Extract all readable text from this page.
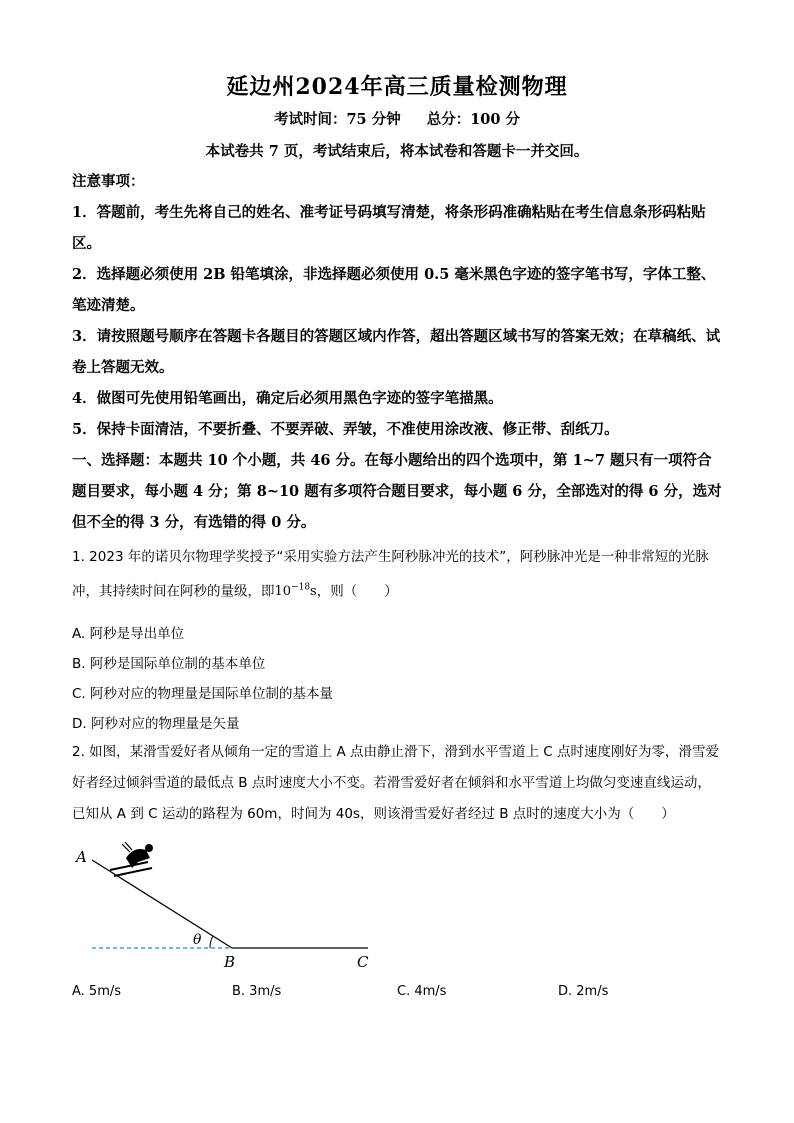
延边州2024年高三质量检测物理
考试时间：75 分钟 总分：100 分
本试卷共 7 页，考试结束后，将本试卷和答题卡一并交回。

注意事项：

1．答题前，考生先将自己的姓名、准考证号码填写清楚，将条形码准确粘贴在考生信息条形码粘贴区。

2．选择题必须使用 2B 铅笔填涂，非选择题必须使用 0.5 毫米黑色字迹的签字笔书写，字体工整、笔迹清楚。

3．请按照题号顺序在答题卡各题目的答题区域内作答，超出答题区域书写的答案无效；在草稿纸、试卷上答题无效。

4．做图可先使用铅笔画出，确定后必须用黑色字迹的签字笔描黑。

5．保持卡面清洁，不要折叠、不要弄破、弄皱，不准使用涂改液、修正带、刮纸刀。

一、选择题：本题共 10 个小题，共 46 分。在每小题给出的四个选项中，第 1~7 题只有一项符合题目要求，每小题 4 分；第 8~10 题有多项符合题目要求，每小题 6 分，全部选对的得 6 分，选对但不全的得 3 分，有选错的得 0 分。

1. 2023 年的诺贝尔物理学奖授予“采用实验方法产生阿秒脉冲光的技术”，阿秒脉冲光是一种非常短的光脉冲，其持续时间在阿秒的量级，即$10^{-18}s$，则（　　）
A. 阿秒是导出单位
B. 阿秒是国际单位制的基本单位
C. 阿秒对应的物理量是国际单位制的基本量
D. 阿秒对应的物理量是矢量
2. 如图，某滑雪爱好者从倾角一定的雪道上 A 点由静止滑下，滑到水平雪道上 C 点时速度刚好为零，滑雪爱好者经过倾斜雪道的最低点 B 点时速度大小不变。若滑雪爱好者在倾斜和水平雪道上均做匀变速直线运动，已知从 A 到 C 运动的路程为 60m，时间为 40s，则该滑雪爱好者经过 B 点时的速度大小为（　　）
A
B	C
θ
A. 5m/s	B. 3m/s	C. 4m/s	D. 2m/s
